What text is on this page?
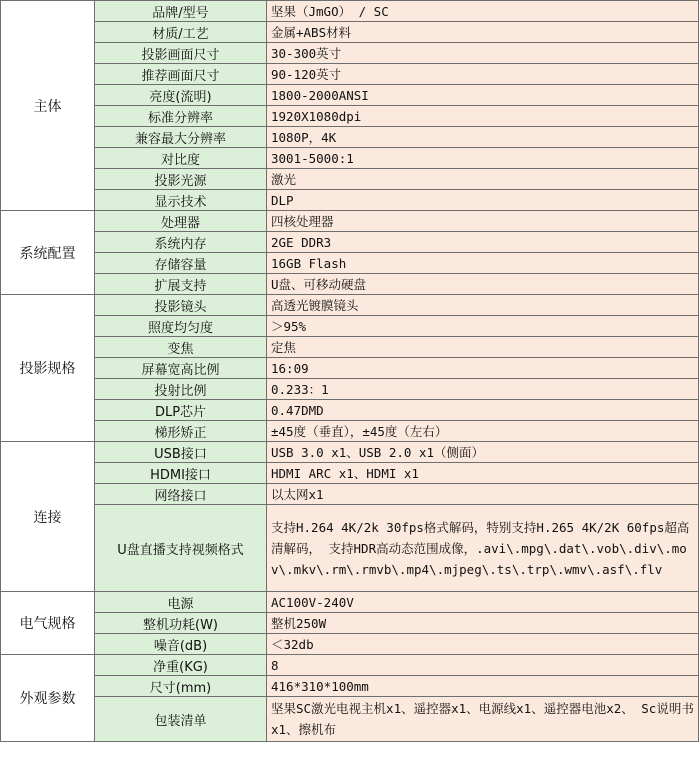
主体	品牌/型号	坚果（JmGO） / SC
	材质/工艺	金属+ABS材料
	投影画面尺寸	30-300英寸
	推荐画面尺寸	90-120英寸
	亮度(流明)	1800-2000ANSI
	标准分辨率	1920X1080dpi
	兼容最大分辨率	1080P，4K
	对比度	3001-5000:1
	投影光源	激光
	显示技术	DLP
系统配置	处理器	四核处理器
	系统内存	2GE DDR3
	存储容量	16GB Flash
	扩展支持	U盘、可移动硬盘
投影规格	投影镜头	高透光镀膜镜头
	照度均匀度	＞95%
	变焦	定焦
	屏幕宽高比例	16:09
	投射比例	0.233：1
	DLP芯片	0.47DMD
	梯形矫正	±45度（垂直），±45度（左右）
连接	USB接口	USB 3.0 x1、USB 2.0 x1（侧面）
	HDMI接口	HDMI ARC x1、HDMI x1
	网络接口	以太网x1
	U盘直播支持视频格式	支持H.264 4K/2k 30fps格式解码，特别支持H.265 4K/2K 60fps超高清解码， 支持HDR高动态范围成像，.avi\.mpg\.dat\.vob\.div\.mov\.mkv\.rm\.rmvb\.mp4\.mjpeg\.ts\.trp\.wmv\.asf\.flv
电气规格	电源	AC100V-240V
	整机功耗(W)	整机250W
	噪音(dB)	＜32db
外观参数	净重(KG)	8
	尺寸(mm)	416*310*100mm
	包装清单	坚果SC激光电视主机x1、遥控器x1、电源线x1、遥控器电池x2、 Sc说明书x1、擦机布
